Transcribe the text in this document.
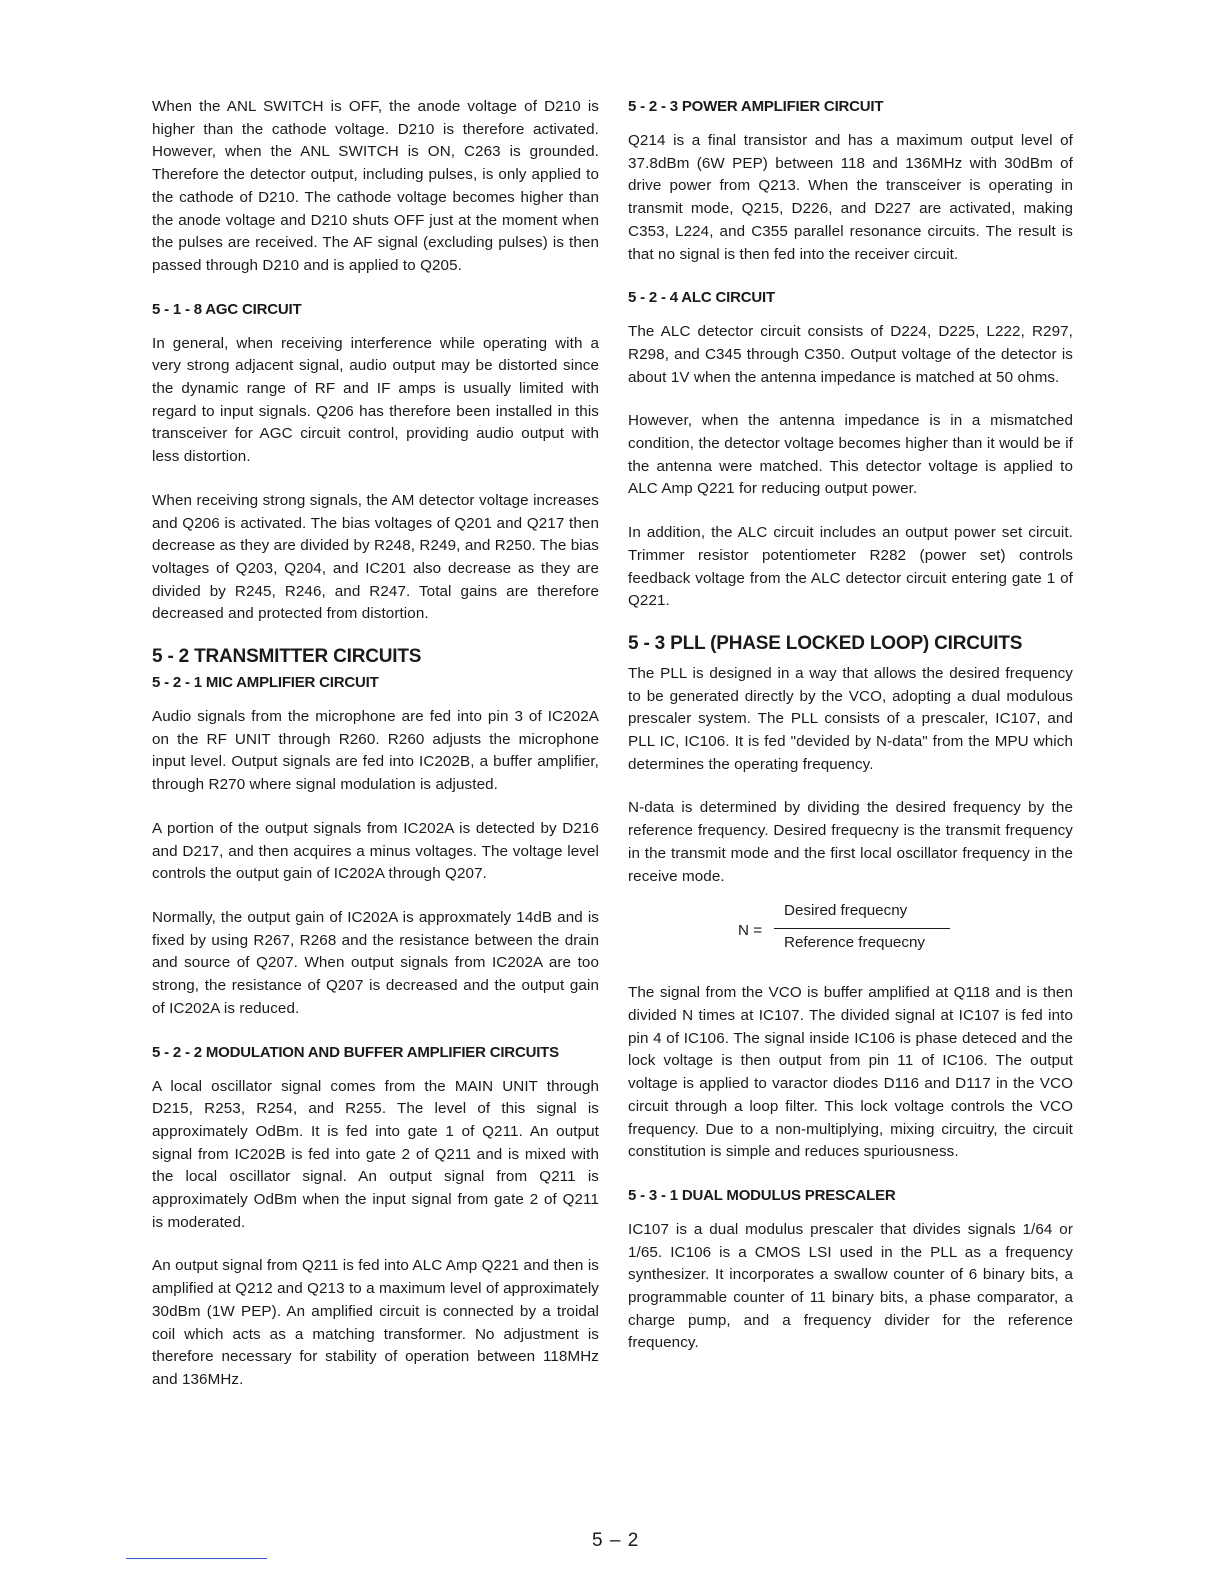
When the ANL SWITCH is OFF, the anode voltage of D210 is higher than the cathode voltage. D210 is therefore activated. However, when the ANL SWITCH is ON, C263 is grounded. Therefore the detector output, including pulses, is only applied to the cathode of D210. The cathode voltage becomes higher than the anode voltage and D210 shuts OFF just at the moment when the pulses are received. The AF signal (excluding pulses) is then passed through D210 and is applied to Q205.

5 - 1 - 8 AGC CIRCUIT

In general, when receiving interference while operating with a very strong adjacent signal, audio output may be distorted since the dynamic range of RF and IF amps is usually limited with regard to input signals. Q206 has therefore been installed in this transceiver for AGC circuit control, providing audio output with less distortion.

When receiving strong signals, the AM detector voltage increases and Q206 is activated. The bias voltages of Q201 and Q217 then decrease as they are divided by R248, R249, and R250. The bias voltages of Q203, Q204, and IC201 also decrease as they are divided by R245, R246, and R247. Total gains are therefore decreased and protected from distortion.

5 - 2 TRANSMITTER CIRCUITS
5 - 2 - 1 MIC AMPLIFIER CIRCUIT

Audio signals from the microphone are fed into pin 3 of IC202A on the RF UNIT through R260. R260 adjusts the microphone input level. Output signals are fed into IC202B, a buffer amplifier, through R270 where signal modulation is adjusted.

A portion of the output signals from IC202A is detected by D216 and D217, and then acquires a minus voltages. The voltage level controls the output gain of IC202A through Q207.

Normally, the output gain of IC202A is approxmately 14dB and is fixed by using R267, R268 and the resistance between the drain and source of Q207. When output signals from IC202A are too strong, the resistance of Q207 is decreased and the output gain of IC202A is reduced.

5 - 2 - 2 MODULATION AND BUFFER AMPLIFIER CIRCUITS

A local oscillator signal comes from the MAIN UNIT through D215, R253, R254, and R255. The level of this signal is approximately OdBm. It is fed into gate 1 of Q211. An output signal from IC202B is fed into gate 2 of Q211 and is mixed with the local oscillator signal. An output signal from Q211 is approximately OdBm when the input signal from gate 2 of Q211 is moderated.

An output signal from Q211 is fed into ALC Amp Q221 and then is amplified at Q212 and Q213 to a maximum level of approximately 30dBm (1W PEP). An amplified circuit is connected by a troidal coil which acts as a matching transformer. No adjustment is therefore necessary for stability of operation between 118MHz and 136MHz.

5 - 2 - 3 POWER AMPLIFIER CIRCUIT

Q214 is a final transistor and has a maximum output level of 37.8dBm (6W PEP) between 118 and 136MHz with 30dBm of drive power from Q213. When the transceiver is operating in transmit mode, Q215, D226, and D227 are activated, making C353, L224, and C355 parallel resonance circuits. The result is that no signal is then fed into the receiver circuit.

5 - 2 - 4 ALC CIRCUIT

The ALC detector circuit consists of D224, D225, L222, R297, R298, and C345 through C350. Output voltage of the detector is about 1V when the antenna impedance is matched at 50 ohms.

However, when the antenna impedance is in a mismatched condition, the detector voltage becomes higher than it would be if the antenna were matched. This detector voltage is applied to ALC Amp Q221 for reducing output power.

In addition, the ALC circuit includes an output power set circuit. Trimmer resistor potentiometer R282 (power set) controls feedback voltage from the ALC detector circuit entering gate 1 of Q221.

5 - 3 PLL (PHASE LOCKED LOOP) CIRCUITS

The PLL is designed in a way that allows the desired frequency to be generated directly by the VCO, adopting a dual modulous prescaler system. The PLL consists of a prescaler, IC107, and PLL IC, IC106. It is fed "devided by N-data" from the MPU which determines the operating frequency.

N-data is determined by dividing the desired frequency by the reference frequency. Desired frequecny is the transmit frequency in the transmit mode and the first local oscillator frequency in the receive mode.

N =
Desired frequecny
Reference frequecny

The signal from the VCO is buffer amplified at Q118 and is then divided N times at IC107. The divided signal at IC107 is fed into pin 4 of IC106. The signal inside IC106 is phase deteced and the lock voltage is then output from pin 11 of IC106. The output voltage is applied to varactor diodes D116 and D117 in the VCO circuit through a loop filter. This lock voltage controls the VCO frequency. Due to a non-multiplying, mixing circuitry, the circuit constitution is simple and reduces spuriousness.

5 - 3 - 1 DUAL MODULUS PRESCALER

IC107 is a dual modulus prescaler that divides signals 1/64 or 1/65. IC106 is a CMOS LSI used in the PLL as a frequency synthesizer. It incorporates a swallow counter of 6 binary bits, a programmable counter of 11 binary bits, a phase comparator, a charge pump, and a frequency divider for the reference frequency.

5 – 2
